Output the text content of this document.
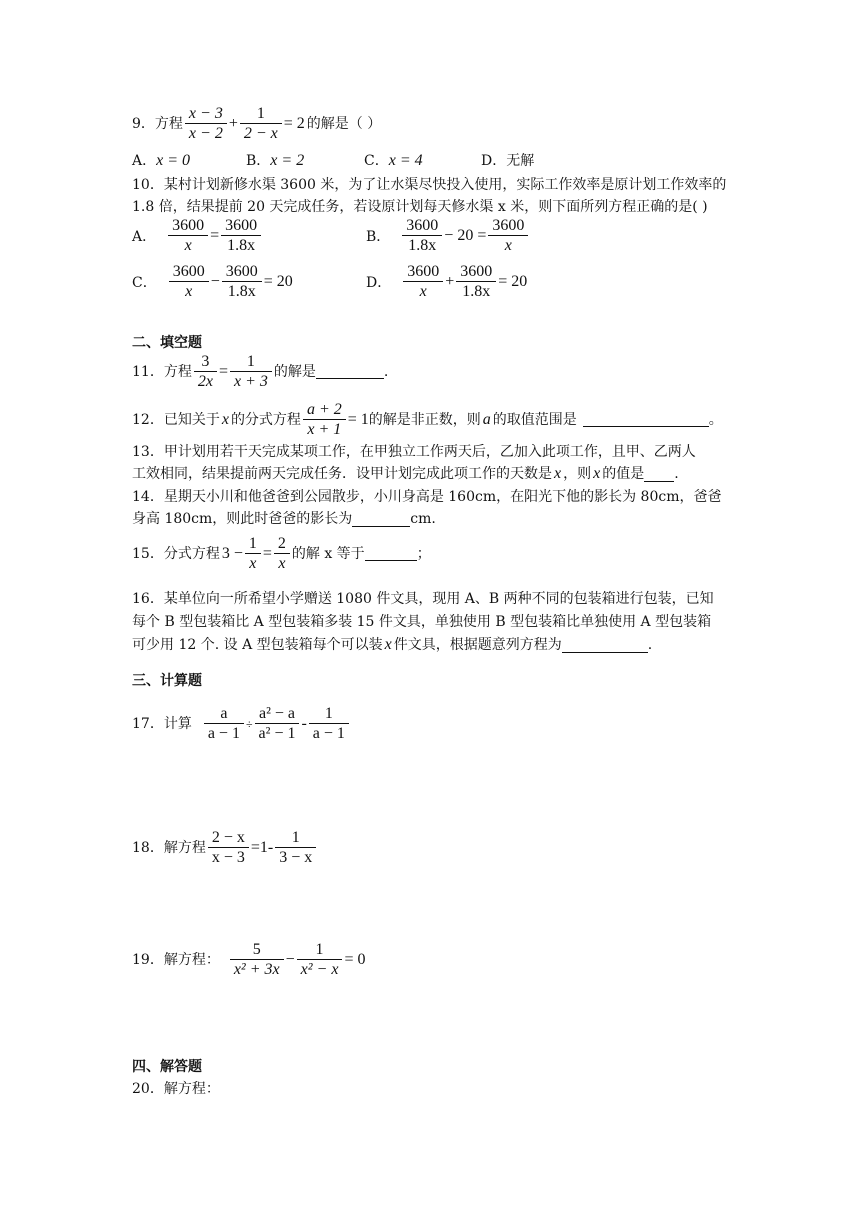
9．方程 $\frac{x - 3}{x - 2} + \frac{1}{2 - x} = 2$ 的解是（ ）
A．x = 0	B．x = 2	C．x = 4	D．无解
10．某村计划新修水渠 3600 米，为了让水渠尽快投入使用，实际工作效率是原计划工作效率的
1.8 倍，结果提前 20 天完成任务，若设原计划每天修水渠 x 米，则下面所列方程正确的是( )
A． $\frac{3600}{x} = \frac{3600}{1.8x}$	B． $\frac{3600}{1.8x} - 20 = \frac{3600}{x}$
C． $\frac{3600}{x} - \frac{3600}{1.8x} = 20$	D． $\frac{3600}{x} + \frac{3600}{1.8x} = 20$
二、填空题
11．方程 $\frac{3}{2x} = \frac{1}{x + 3}$ 的解是	.
12．已知关于 x 的分式方程 $\frac{a + 2}{x + 1} = 1$ 的解是非正数，则 a 的取值范围是	。
13．甲计划用若干天完成某项工作，在甲独立工作两天后，乙加入此项工作，且甲、乙两人
工效相同，结果提前两天完成任务．设甲计划完成此项工作的天数是 x ，则 x 的值是 .
14．星期天小川和他爸爸到公园散步，小川身高是 160cm，在阳光下他的影长为 80cm，爸爸
身高 180cm，则此时爸爸的影长为	cm.
15．分式方程 $3 - \frac{1}{x} = \frac{2}{x}$ 的解 x 等于	；
16．某单位向一所希望小学赠送 1080 件文具，现用 A、B 两种不同的包装箱进行包装，已知
每个 B 型包装箱比 A 型包装箱多装 15 件文具，单独使用 B 型包装箱比单独使用 A 型包装箱
可少用 12 个. 设 A 型包装箱每个可以装 x 件文具，根据题意列方程为	.
三、计算题
17．计算 $\frac{a}{a - 1} \div \frac{\text{a² − a}}{\text{a² − 1}} - \frac{1}{a - 1}$
18．解方程 $\frac{2 - x}{x - 3} =1- \frac{1}{3 - x}$
19．解方程： $\frac{5}{\text{x² + 3x}} - \frac{1}{\text{x² − x}} = 0$
四、解答题
20．解方程：
